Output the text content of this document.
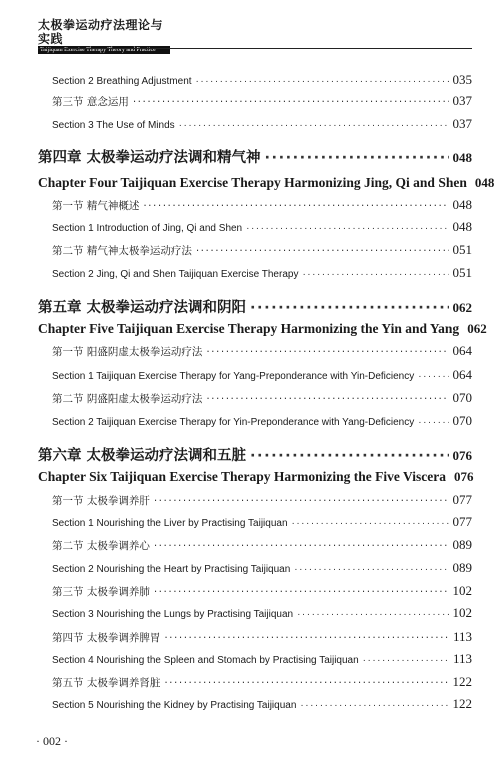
太极拳运动疗法理论与实践
Taijiquan Exercise Therapy Theory and Practice
Section 2 Breathing Adjustment ·····	035
第三节 意念运用 ·····	037
Section 3 The Use of Minds ·····	037
第四章 太极拳运动疗法调和精气神 ·····	048
Chapter Four Taijiquan Exercise Therapy Harmonizing Jing, Qi and Shen 048
第一节 精气神概述 ·····	048
Section 1 Introduction of Jing, Qi and Shen ·····	048
第二节 精气神太极拳运动疗法 ·····	051
Section 2 Jing, Qi and Shen Taijiquan Exercise Therapy ·····	051
第五章 太极拳运动疗法调和阴阳 ·····	062
Chapter Five Taijiquan Exercise Therapy Harmonizing the Yin and Yang 062
第一节 阳盛阴虚太极拳运动疗法 ·····	064
Section 1 Taijiquan Exercise Therapy for Yang-Preponderance with Yin-Deficiency ·····	064
第二节 阴盛阳虚太极拳运动疗法 ·····	070
Section 2 Taijiquan Exercise Therapy for Yin-Preponderance with Yang-Deficiency ·····	070
第六章 太极拳运动疗法调和五脏 ·····	076
Chapter Six Taijiquan Exercise Therapy Harmonizing the Five Viscera 076
第一节 太极拳调养肝 ·····	077
Section 1 Nourishing the Liver by Practising Taijiquan ·····	077
第二节 太极拳调养心 ·····	089
Section 2 Nourishing the Heart by Practising Taijiquan ·····	089
第三节 太极拳调养肺 ·····	102
Section 3 Nourishing the Lungs by Practising Taijiquan ·····	102
第四节 太极拳调养脾胃 ·····	113
Section 4 Nourishing the Spleen and Stomach by Practising Taijiquan ·····	113
第五节 太极拳调养肾脏 ·····	122
Section 5 Nourishing the Kidney by Practising Taijiquan ·····	122
· 002 ·
